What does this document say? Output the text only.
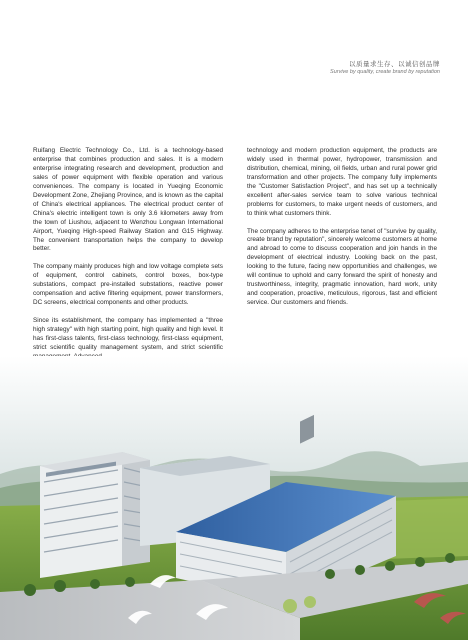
以质量求生存、以诚信创品牌
Survive by quality, create brand by reputation

Ruifang Electric Technology Co., Ltd. is a technology-based enterprise that combines production and sales. It is a modern enterprise integrating research and development, production and sales of power equipment with flexible operation and various conveniences. The company is located in Yueqing Economic Development Zone, Zhejiang Province, and is known as the capital of China's electrical appliances. The electrical product center of China's electric intelligent town is only 3.6 kilometers away from the town of Liushou, adjacent to Wenzhou Longwan International Airport, Yueqing High-speed Railway Station and G15 Highway. The convenient transportation helps the company to develop better.

The company mainly produces high and low voltage complete sets of equipment, control cabinets, control boxes, box-type substations, compact pre-installed substations, reactive power compensation and active filtering equipment, power transformers, DC screens, electrical components and other products.

Since its establishment, the company has implemented a "three high strategy" with high starting point, high quality and high level. It has first-class talents, first-class technology, first-class equipment, strict scientific quality management system, and strict scientific

technology and modern production equipment, the products are widely used in thermal power, hydropower, transmission and distribution, chemical, mining, oil fields, urban and rural power grid transformation and other projects. The company fully implements the "Customer Satisfaction Project", and has set up a technically excellent after-sales service team to solve various technical problems for customers, to make urgent needs of customers, and to think what customers think.

The company adheres to the enterprise tenet of "survive by quality, create brand by reputation", sincerely welcome customers at home and abroad to come to discuss cooperation and join hands in the development of electrical industry. Looking back on the past, looking to the future, facing new opportunities and challenges, we will continue to uphold and carry forward the spirit of honesty and trustworthiness, integrity, pragmatic innovation, hard work, unity and cooperation, proactive, meticulous, rigorous, fast and efficient service. Our customers and friends.
